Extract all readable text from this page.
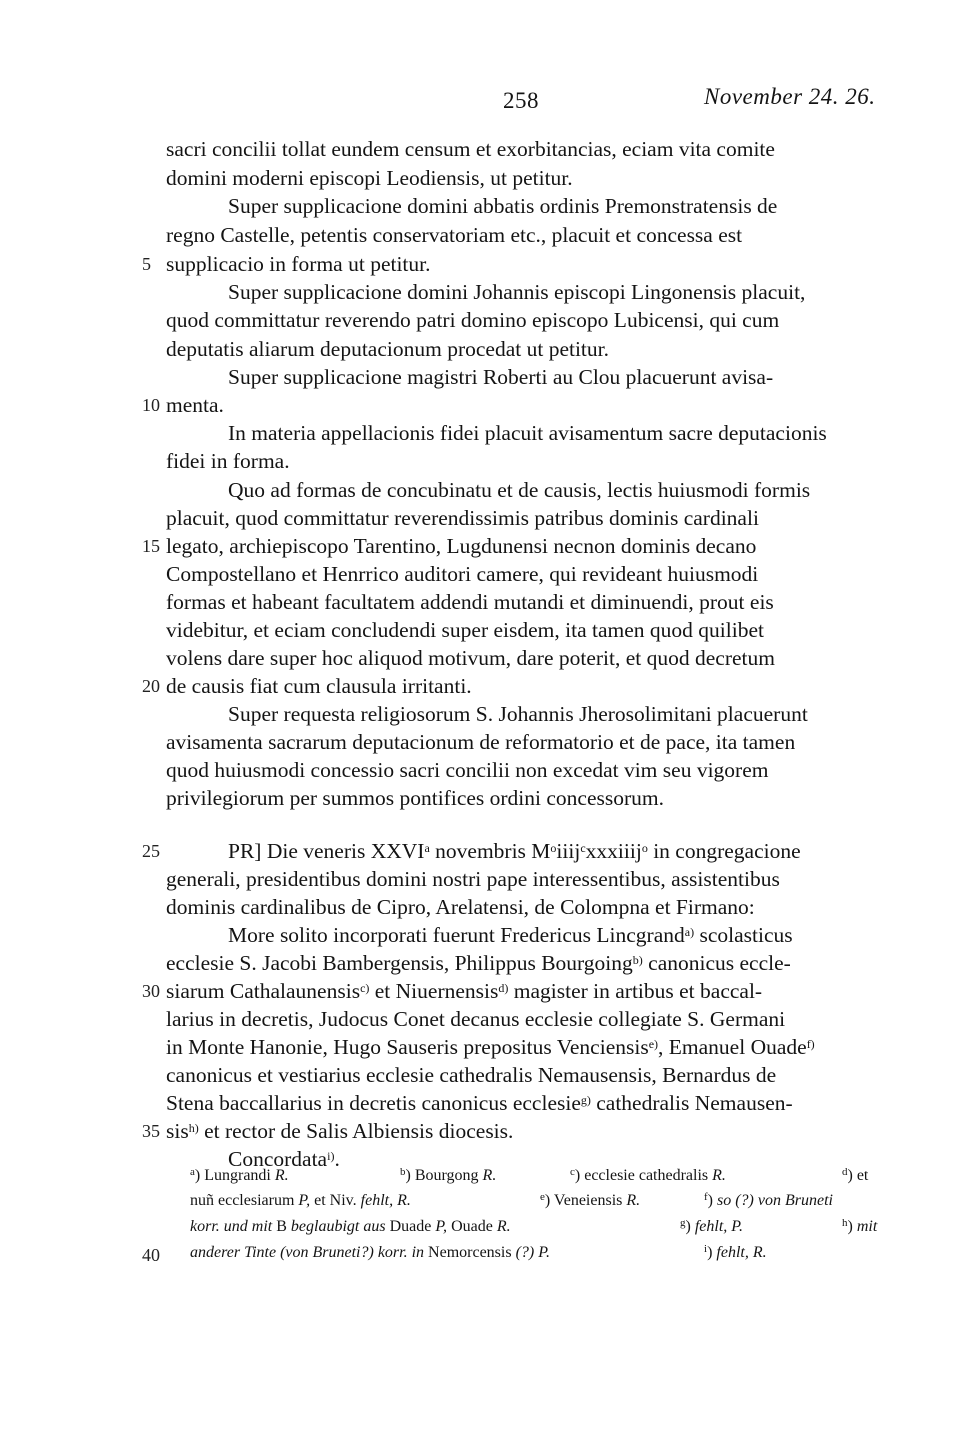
258	November 24. 26.
sacri concilii tollat eundem censum et exorbitancias, eciam vita comite
domini moderni episcopi Leodiensis, ut petitur.
Super supplicacione domini abbatis ordinis Premonstratensis de
regno Castelle, petentis conservatoriam etc., placuit et concessa est
supplicacio in forma ut petitur.
Super supplicacione domini Johannis episcopi Lingonensis placuit,
quod committatur reverendo patri domino episcopo Lubicensi, qui cum
deputatis aliarum deputacionum procedat ut petitur.
Super supplicacione magistri Roberti au Clou placuerunt avisa-
menta.
In materia appellacionis fidei placuit avisamentum sacre deputacionis
fidei in forma.
Quo ad formas de concubinatu et de causis, lectis huiusmodi formis
placuit, quod committatur reverendissimis patribus dominis cardinali
legato, archiepiscopo Tarentino, Lugdunensi necnon dominis decano
Compostellano et Henrrico auditori camere, qui revideant huiusmodi
formas et habeant facultatem addendi mutandi et diminuendi, prout eis
videbitur, et eciam concludendi super eisdem, ita tamen quod quilibet
volens dare super hoc aliquod motivum, dare poterit, et quod decretum
de causis fiat cum clausula irritanti.
Super requesta religiosorum S. Johannis Jherosolimitani placuerunt
avisamenta sacrarum deputacionum de reformatorio et de pace, ita tamen
quod huiusmodi concessio sacri concilii non excedat vim seu vigorem
privilegiorum per summos pontifices ordini concessorum.
PR] Die veneris XXVI$^a$ novembris $M^oiiij^cxxxiiij^o$ in congregacione
generali, presidentibus domini nostri pape interessentibus, assistentibus
dominis cardinalibus de Cipro, Arelatensi, de Colompna et Firmano:
More solito incorporati fuerunt Fredericus Lincgrand$^{a)}$ scolasticus
ecclesie S. Jacobi Bambergensis, Philippus Bourgoing$^{b)}$ canonicus eccle-
siarum Cathalaunensis$^{c)}$ et Niuernensis$^{d)}$ magister in artibus et baccal-
larius in decretis, Judocus Conet decanus ecclesie collegiate S. Germani
in Monte Hanonie, Hugo Sauseris prepositus Venciensis$^{e)}$, Emanuel Ouade$^{f)}$
canonicus et vestiarius ecclesie cathedralis Nemausensis, Bernardus de
Stena baccallarius in decretis canonicus ecclesie$^{g)}$ cathedralis Nemausen-
sis$^{h)}$ et rector de Salis Albiensis diocesis.
Concordata$^{i)}$.
5
10
15
20
25
30
35
40
$^a$) Lungrandi R.	$^b$) Bourgong R.	$^c$) ecclesie cathedralis R.	$^d$) et
nuñ ecclesiarum P, et Niv. fehlt, R.	$^e$) Veneiensis R.	$^f$) so (?) von Bruneti
korr. und mit B beglaubigt aus Duade P, Ouade R.	$^g$) fehlt, P.	$^h$) mit
anderer Tinte (von Bruneti?) korr. in Nemorcensis (?) P.	$^i$) fehlt, R.
